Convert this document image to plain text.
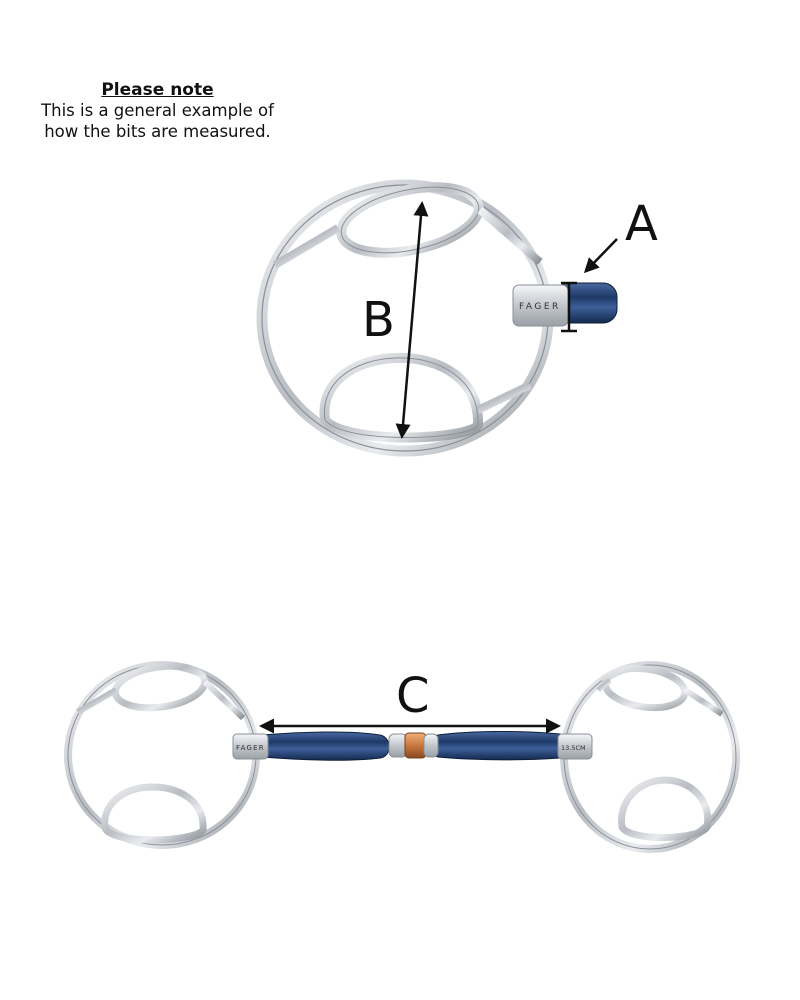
Please note
This is a general example of
how the bits are measured.
FAGER
A
B
FAGER	13.5CM
C
